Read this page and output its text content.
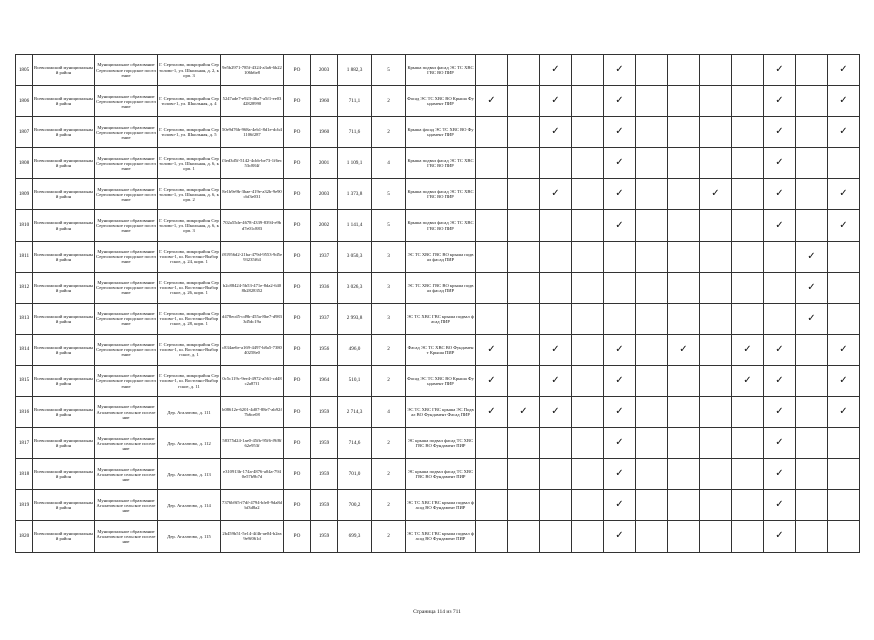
1805	Всеволожский муниципальный район	Муниципальное образование Сертоловское городское поселение	Г. Сертолово, микрорайон Сертолово-1, ул. Школьная, д. 2, корп. 3	9e5b2971-785f-4324-a3a6-6b22106b6e8	РО	2003	1 882,3	5	Крыша подвал фасад ЭС ТС ХВС ГВС ВО ПИР			✓		✓					✓		✓
1806	Всеволожский муниципальный район	Муниципальное образование Сертоловское городское поселение	Г. Сертолово, микрорайон Сертолово-1, ул. Школьная, д. 4	5247ade7-e923-46a7-a5f1-ee0342828990	РО	1960	711,1	2	Фасад ЭС ТС ХВС ВО Крыша Фундамент ПИР	✓		✓		✓					✓		✓
1807	Всеволожский муниципальный район	Муниципальное образование Сертоловское городское поселение	Г. Сертолово, микрорайон Сертолово-1, ул. Школьная, д. 5	50e9d76b-968a-4eb1-8d1e-dcb41106f287	РО	1960	711,6	2	Крыша фасад ЭС ТС ХВС ВО Фундамент ПИР			✓		✓					✓		✓
1808	Всеволожский муниципальный район	Муниципальное образование Сертоловское городское поселение	Г. Сертолово, микрорайон Сертолово-1, ул. Школьная, д. 6, корп. 1	f3ed3d5f-5142-4cbb-be73-1f6ec53c884f	РО	2001	1 109,1	4	Крыша подвал фасад ЭС ТС ХВС ГВС ВО ПИР					✓					✓		
1809	Всеволожский муниципальный район	Муниципальное образование Сертоловское городское поселение	Г. Сертолово, микрорайон Сертолово-1, ул. Школьная, д. 6, корп. 2	8e1b9e9b-3bae-419e-a32b-9e90cbf3e031	РО	2003	1 373,8	5	Крыша подвал фасад ЭС ТС ХВС ГВС ВО ПИР			✓		✓			✓		✓		✓
1810	Всеволожский муниципальный район	Муниципальное образование Сертоловское городское поселение	Г. Сертолово, микрорайон Сертолово-1, ул. Школьная, д. 6, корп. 3	702a55de-4678-4339-8394-e9bd7e01c883	РО	2002	1 141,4	5	Крыша подвал фасад ЭС ТС ХВС ГВС ВО ПИР					✓					✓		✓
1811	Всеволожский муниципальный район	Муниципальное образование Сертоловское городское поселение	Г. Сертолово, микрорайон Сертолово-1, ш. Восточно-Выборгское, д. 24, корп. 1	f81956d2-21ba-479d-9553-9d5e93235f64	РО	1937	3 050,3	3	ЭС ТС ХВС ГВС ВО крыша подвал фасад ПИР											✓	
1812	Всеволожский муниципальный район	Муниципальное образование Сертоловское городское поселение	Г. Сертолово, микрорайон Сертолово-1, ш. Восточно-Выборгское, д. 26, корп. 1	b2c88424-5b53-471e-8da2-6408b2828352	РО	1936	3 026,3	3	ЭС ТС ХВС ГВС ВО крыша подвал фасад ПИР											✓	
1813	Всеволожский муниципальный район	Муниципальное образование Сертоловское городское поселение	Г. Сертолово, микрорайон Сертолово-1, ш. Восточно-Выборгское, д. 28, корп. 1	d478ecd5-cd9b-455a-8be7-d9833d5dc19a	РО	1937	2 993,8	3	ЭС ТС ХВС ГВС крыша подвал фасад ПИР											✓	
1814	Всеволожский муниципальный район	Муниципальное образование Сертоловское городское поселение	Г. Сертолово, микрорайон Сертолово-1, ш. Восточно-Выборгское, д. 1	c834ae6e-a169-4497-b8a5-738040258e0	РО	1956	496,0	2	Фасад ЭС ТС ХВС ВО Фундамент Крыша ПИР	✓		✓		✓		✓		✓	✓		✓
1815	Всеволожский муниципальный район	Муниципальное образование Сертоловское городское поселение	Г. Сертолово, микрорайон Сертолово-1, ш. Восточно-Выборгское, д. 11	0c5c119c-9ee4-4972-a561-cd48c2a87f1	РО	1964	510,1	2	Фасад ЭС ТС ХВС ВО Крыша Фундамент ПИР	✓		✓		✓				✓	✓		✓
1816	Всеволожский муниципальный район	Муниципальное образование Агалатовское сельское поселение	Дер. Агалатово, д. 111	b08612e-6201-4d07-88e7-ab92f7b6ce08	РО	1959	2 714,3	4	ЭС ТС ХВС ГВС крыша ЭС Подвал ВО Фундамент Фасад ПИР	✓	✓	✓		✓					✓		✓
1817	Всеволожский муниципальный район	Муниципальное образование Агалатовское сельское поселение	Дер. Агалатово, д. 112	58375d24-1ae0-45fb-95f6-f9f8f62e953f	РО	1959	714,6	2	ЭС крыша подвал фасад ТС ХВС ГВС ВО Фундамент ПИР					✓					✓		
1818	Всеволожский муниципальный район	Муниципальное образование Агалатовское сельское поселение	Дер. Агалатово, д. 113	e310913b-174a-4876-a04a-7940e57b9b7d	РО	1959	701,0	2	ЭС крыша подвал фасад ТС ХВС ГВС ВО Фундамент ПИР					✓					✓		
1819	Всеволожский муниципальный район	Муниципальное образование Агалатовское сельское поселение	Дер. Агалатово, д. 114	7376b9f5-f7df-4794-bfe0-9da8dbf3d8a2	РО	1959	700,2	2	ЭС ТС ХВС ГВС крыша подвал фасад ВО Фундамент ПИР					✓					✓		
1820	Всеволожский муниципальный район	Муниципальное образование Агалатовское сельское поселение	Дер. Агалатово, д. 115	2b459b51-5e14-4f4b-ae04-b2ea9e9f061d	РО	1959	699,3	2	ЭС ТС ХВС ГВС крыша подвал фасад ВО Фундамент ПИР					✓					✓		
Страница 114 из 711
